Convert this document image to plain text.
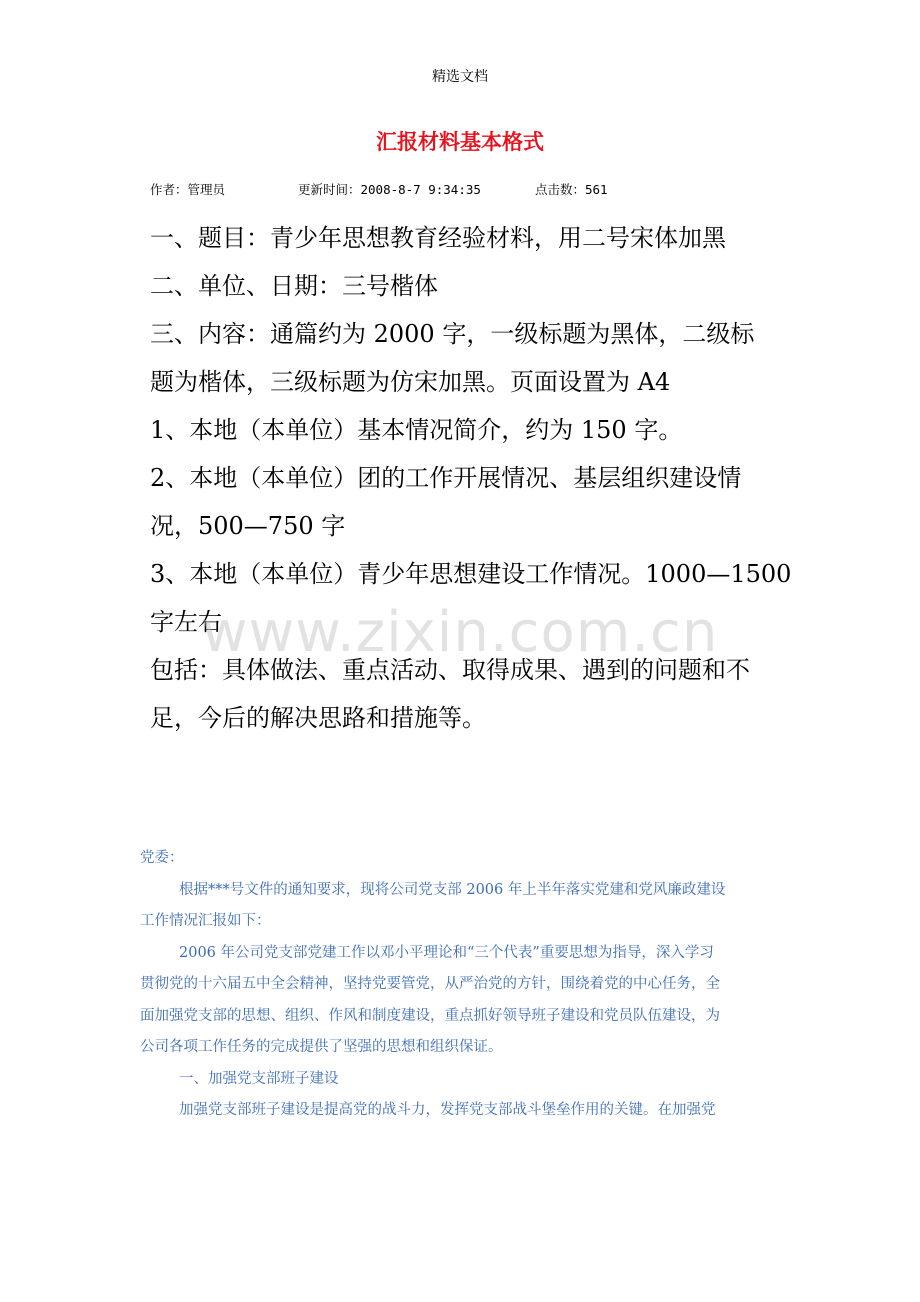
精选文档
汇报材料基本格式
作者：管理员	更新时间：2008-8-7 9:34:35	点击数：561
一、题目：青少年思想教育经验材料，用二号宋体加黑
二、单位、日期：三号楷体
三、内容：通篇约为 2000 字，一级标题为黑体，二级标
题为楷体，三级标题为仿宋加黑。页面设置为 A4
1、本地（本单位）基本情况简介，约为 150 字。
2、本地（本单位）团的工作开展情况、基层组织建设情
况，500—750 字
3、本地（本单位）青少年思想建设工作情况。1000—1500
字左右
包括：具体做法、重点活动、取得成果、遇到的问题和不
足，今后的解决思路和措施等。
www.zixin.com.cn
党委：
根据***号文件的通知要求，现将公司党支部 2006 年上半年落实党建和党风廉政建设
工作情况汇报如下：
2006 年公司党支部党建工作以邓小平理论和“三个代表”重要思想为指导，深入学习
贯彻党的十六届五中全会精神，坚持党要管党，从严治党的方针，围绕着党的中心任务，全
面加强党支部的思想、组织、作风和制度建设，重点抓好领导班子建设和党员队伍建设，为
公司各项工作任务的完成提供了坚强的思想和组织保证。
一、加强党支部班子建设
加强党支部班子建设是提高党的战斗力，发挥党支部战斗堡垒作用的关键。在加强党
